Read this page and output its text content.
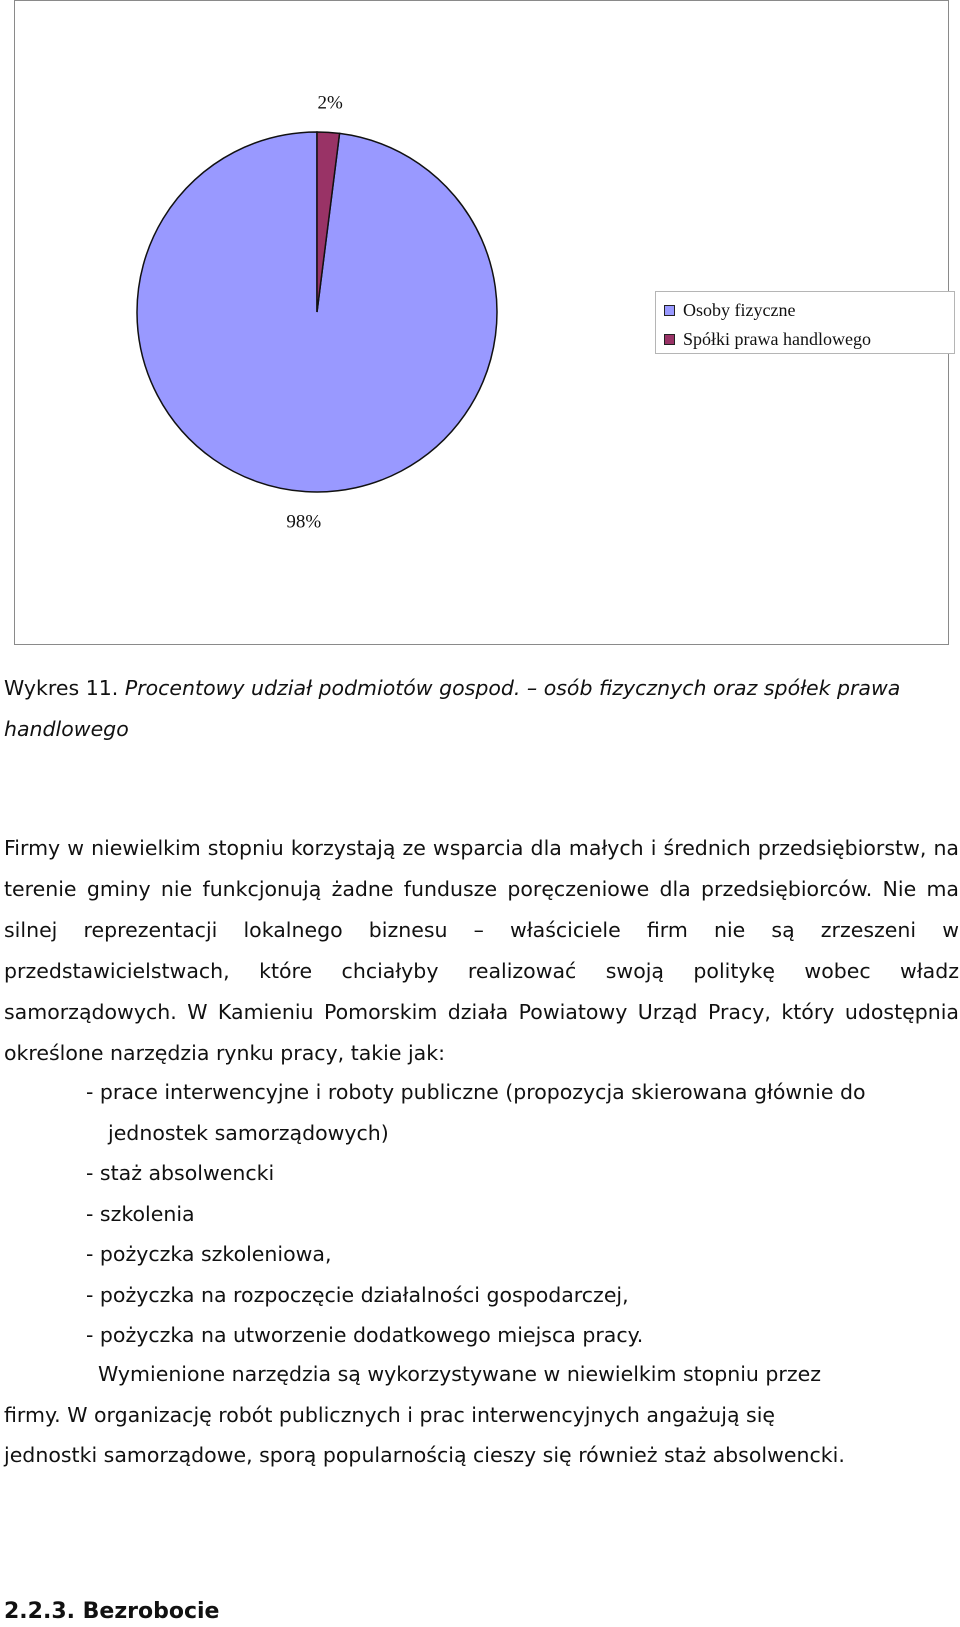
98%
2%
Osoby fizyczne
Spółki prawa handlowego
Wykres 11. Procentowy udział podmiotów gospod. – osób fizycznych oraz spółek prawa handlowego
Firmy w niewielkim stopniu korzystają ze wsparcia dla małych i średnich przedsiębiorstw, na terenie gminy nie funkcjonują żadne fundusze poręczeniowe dla przedsiębiorców. Nie ma silnej reprezentacji lokalnego biznesu – właściciele firm nie są zrzeszeni w przedstawicielstwach, które chciałyby realizować swoją politykę wobec władz samorządowych. W Kamieniu Pomorskim działa Powiatowy Urząd Pracy, który udostępnia określone narzędzia rynku pracy, takie jak:
- prace interwencyjne i roboty publiczne (propozycja skierowana głównie do
jednostek samorządowych)
- staż absolwencki
- szkolenia
- pożyczka szkoleniowa,
- pożyczka na rozpoczęcie działalności gospodarczej,
- pożyczka na utworzenie dodatkowego miejsca pracy.
Wymienione narzędzia są wykorzystywane w niewielkim stopniu przez
firmy. W organizację robót publicznych i prac interwencyjnych angażują się
jednostki samorządowe, sporą popularnością cieszy się również staż absolwencki.
2.2.3. Bezrobocie
